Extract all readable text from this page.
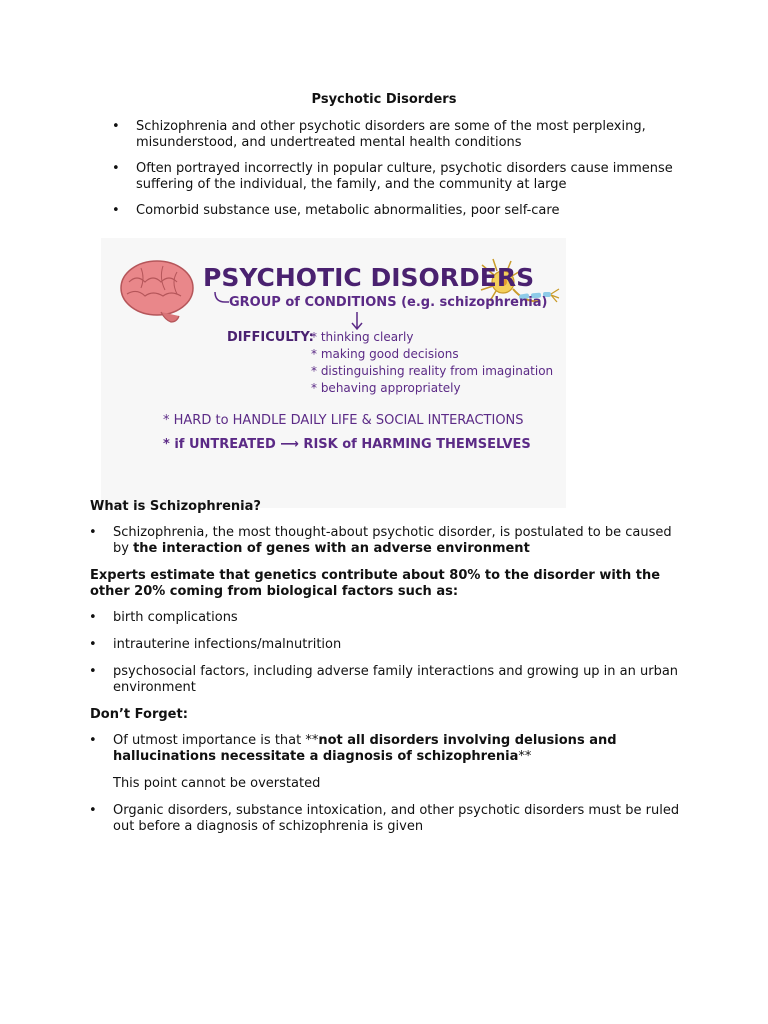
Psychotic Disorders
• Schizophrenia and other psychotic disorders are some of the most perplexing, misunderstood, and undertreated mental health conditions
• Often portrayed incorrectly in popular culture, psychotic disorders cause immense suffering of the individual, the family, and the community at large
• Comorbid substance use, metabolic abnormalities, poor self-care
PSYCHOTIC DISORDERS
GROUP of CONDITIONS (e.g. schizophrenia)
DIFFICULTY:
* thinking clearly
* making good decisions
* distinguishing reality from imagination
* behaving appropriately
* HARD to HANDLE DAILY LIFE & SOCIAL INTERACTIONS
* if UNTREATED ⟶ RISK of HARMING THEMSELVES
What is Schizophrenia?
• Schizophrenia, the most thought-about psychotic disorder, is postulated to be caused by the interaction of genes with an adverse environment
Experts estimate that genetics contribute about 80% to the disorder with the other 20% coming from biological factors such as:
• birth complications
• intrauterine infections/malnutrition
• psychosocial factors, including adverse family interactions and growing up in an urban environment
Don’t Forget:
• Of utmost importance is that **not all disorders involving delusions and hallucinations necessitate a diagnosis of schizophrenia**
This point cannot be overstated
• Organic disorders, substance intoxication, and other psychotic disorders must be ruled out before a diagnosis of schizophrenia is given
